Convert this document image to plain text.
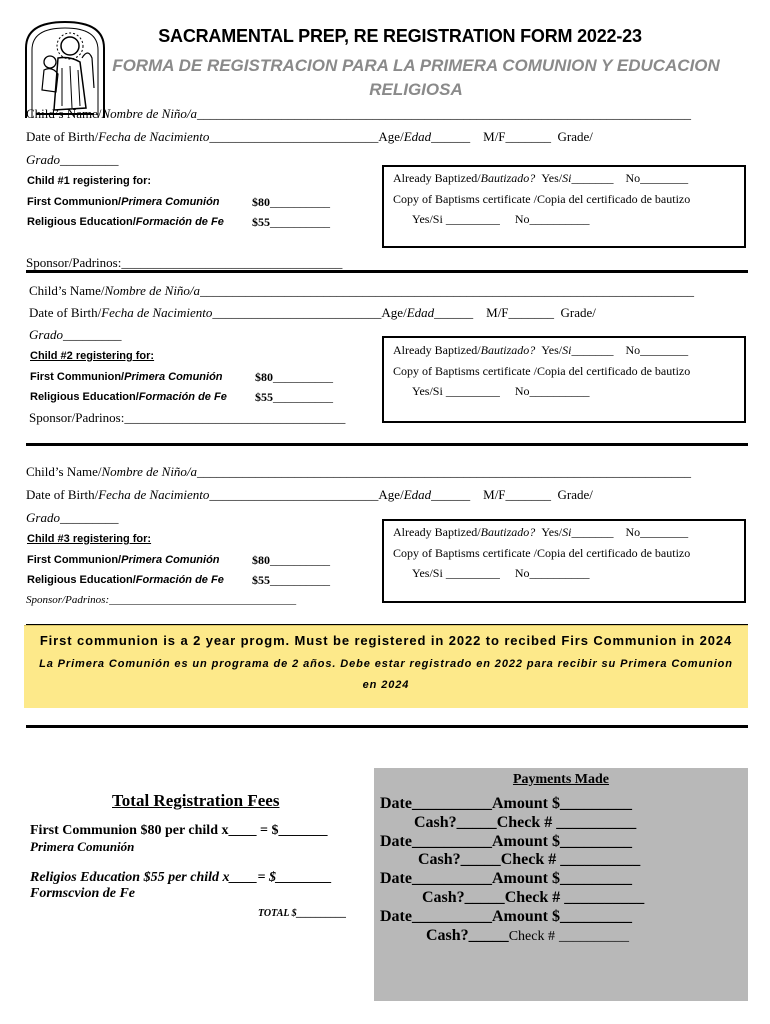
SACRAMENTAL PREP, RE REGISTRATION FORM 2022-23
FORMA DE REGISTRACION PARA LA PRIMERA COMUNION Y EDUCACION RELIGIOSA
Child’s Name/Nombre de Niño/a____________________________________________________________________________
Date of Birth/Fecha de Nacimiento__________________________Age/Edad______ M/F_______ Grade/
Grado_________
Child #1 registering for:
First Communion/Primera Comunión	$80__________
Religious Education/Formación de Fe $55__________
Already Baptized/Bautizado? Yes/Si_______ No________
Copy of Baptisms certificate /Copia del certificado de bautizo
Yes/Si _________ No__________
Sponsor/Padrinos:__________________________________
Child’s Name/Nombre de Niño/a____________________________________________________________________________
Date of Birth/Fecha de Nacimiento__________________________Age/Edad______ M/F_______ Grade/
Grado_________
Child #2 registering for:
First Communion/Primera Comunión	$80__________
Religious Education/Formación de Fe $55__________
Already Baptized/Bautizado? Yes/Si_______ No________
Copy of Baptisms certificate /Copia del certificado de bautizo
Yes/Si _________ No__________
Sponsor/Padrinos:__________________________________
Child’s Name/Nombre de Niño/a____________________________________________________________________________
Date of Birth/Fecha de Nacimiento__________________________Age/Edad______ M/F_______ Grade/
Grado_________
Child #3 registering for:
First Communion/Primera Comunión	$80__________
Religious Education/Formación de Fe $55__________
Already Baptized/Bautizado? Yes/Si_______ No________
Copy of Baptisms certificate /Copia del certificado de bautizo
Yes/Si _________ No__________
Sponsor/Padrinos:__________________________________
First communion is a 2 year progm. Must be registered in 2022 to recibed Firs Communion in 2024
La Primera Comunión es un programa de 2 años. Debe estar registrado en 2022 para recibir su Primera Comunion en 2024
Total Registration Fees
First Communion $80 per child x____ = $_______
Primera Comunión
Religios Education $55 per child x____= $________
Formscvion de Fe
TOTAL $__________
Payments Made
Date__________Amount $_________
Cash?_____Check # __________
Date__________Amount $_________
Cash?_____Check # __________
Date__________Amount $_________
Cash?_____Check # __________
Date__________Amount $_________
Cash?_____Check # __________
